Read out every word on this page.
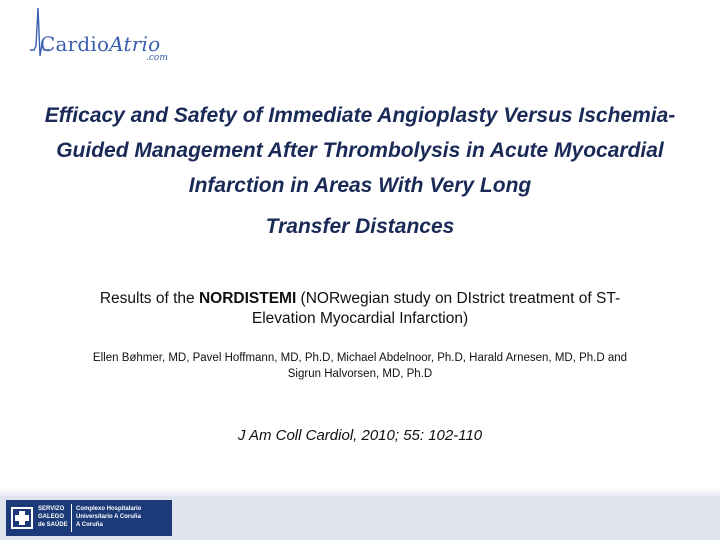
CardioAtrio
.com
Efficacy and Safety of Immediate Angioplasty Versus Ischemia-Guided Management After Thrombolysis in Acute Myocardial Infarction in Areas With Very Long
Transfer Distances
Results of the NORDISTEMI (NORwegian study on DIstrict treatment of ST-Elevation Myocardial Infarction)
Ellen Bøhmer, MD, Pavel Hoffmann, MD, Ph.D, Michael Abdelnoor, Ph.D, Harald Arnesen, MD, Ph.D and Sigrun Halvorsen, MD, Ph.D
J Am Coll Cardiol, 2010; 55: 102-110
SERVIZO
GALEGO
de SAÚDE
Complexo Hospitalario
Universitario A Coruña
A Coruña
